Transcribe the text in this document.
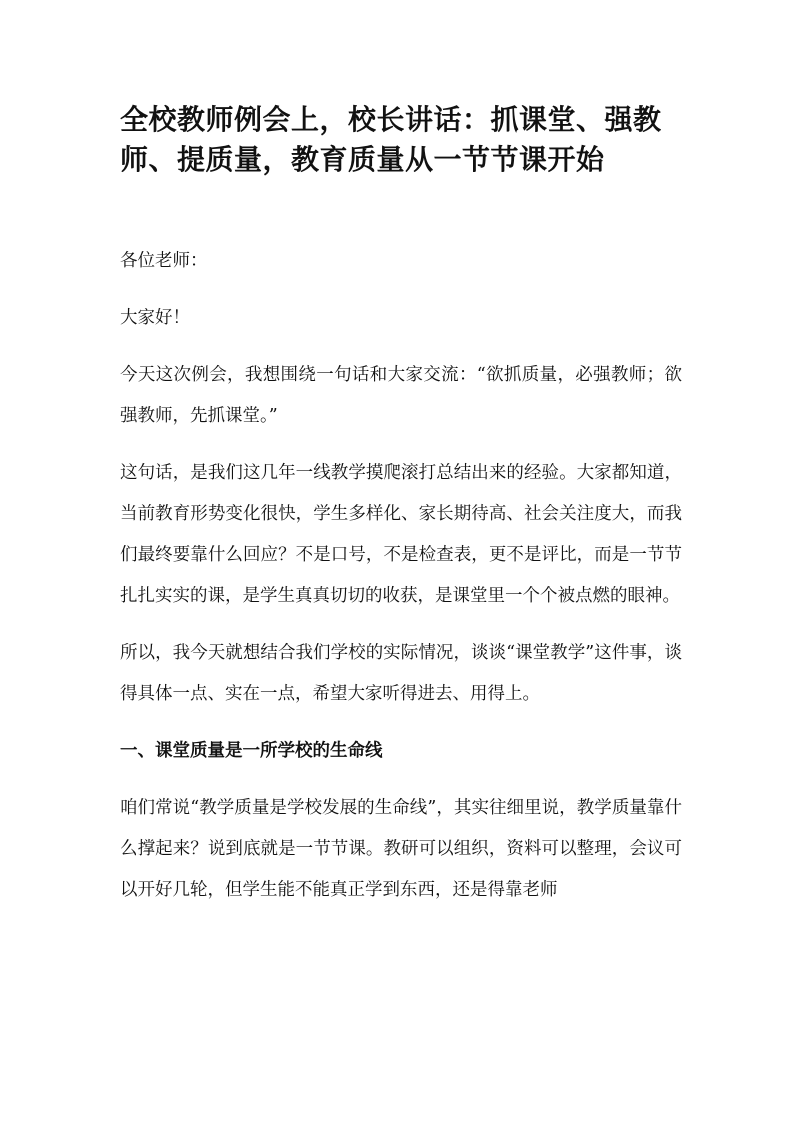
全校教师例会上，校长讲话：抓课堂、强教师、提质量，教育质量从一节节课开始

各位老师：

大家好！

今天这次例会，我想围绕一句话和大家交流：“欲抓质量，必强教师；欲强教师，先抓课堂。”

这句话，是我们这几年一线教学摸爬滚打总结出来的经验。大家都知道，当前教育形势变化很快，学生多样化、家长期待高、社会关注度大，而我们最终要靠什么回应？不是口号，不是检查表，更不是评比，而是一节节扎扎实实的课，是学生真真切切的收获，是课堂里一个个被点燃的眼神。

所以，我今天就想结合我们学校的实际情况，谈谈“课堂教学”这件事，谈得具体一点、实在一点，希望大家听得进去、用得上。

一、课堂质量是一所学校的生命线

咱们常说“教学质量是学校发展的生命线”，其实往细里说，教学质量靠什么撑起来？说到底就是一节节课。教研可以组织，资料可以整理，会议可以开好几轮，但学生能不能真正学到东西，还是得靠老师
